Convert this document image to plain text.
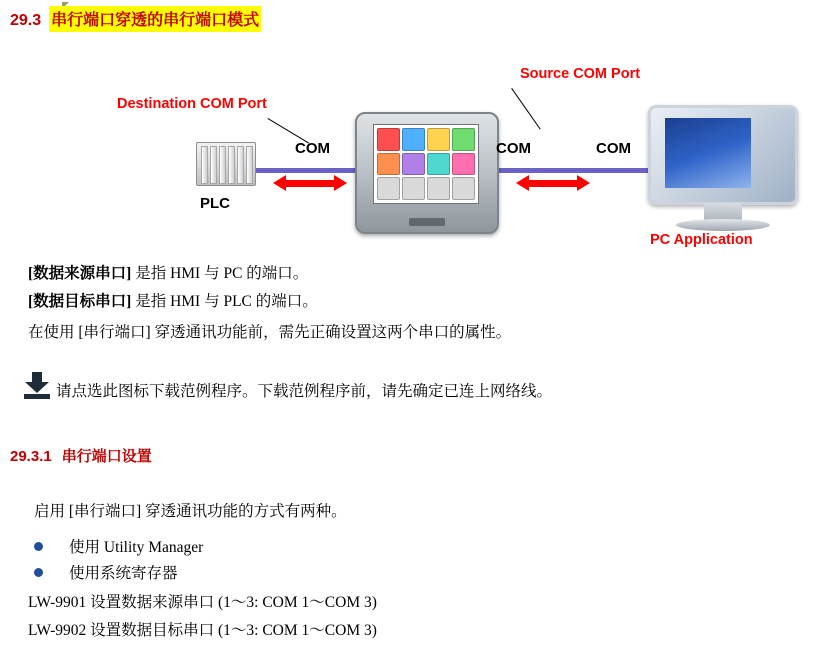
29.3 串行端口穿透的串行端口模式
Destination COM Port
Source COM Port
PC Application
PLC
COM	COM	COM
[数据来源串口] 是指 HMI 与 PC 的端口。
[数据目标串口] 是指 HMI 与 PLC 的端口。
在使用 [串行端口] 穿透通讯功能前，需先正确设置这两个串口的属性。
请点选此图标下载范例程序。下载范例程序前，请先确定已连上网络线。
29.3.1 串行端口设置
启用 [串行端口] 穿透通讯功能的方式有两种。
使用 Utility Manager
使用系统寄存器
LW-9901 设置数据来源串口 (1～3: COM 1～COM 3)
LW-9902 设置数据目标串口 (1～3: COM 1～COM 3)
